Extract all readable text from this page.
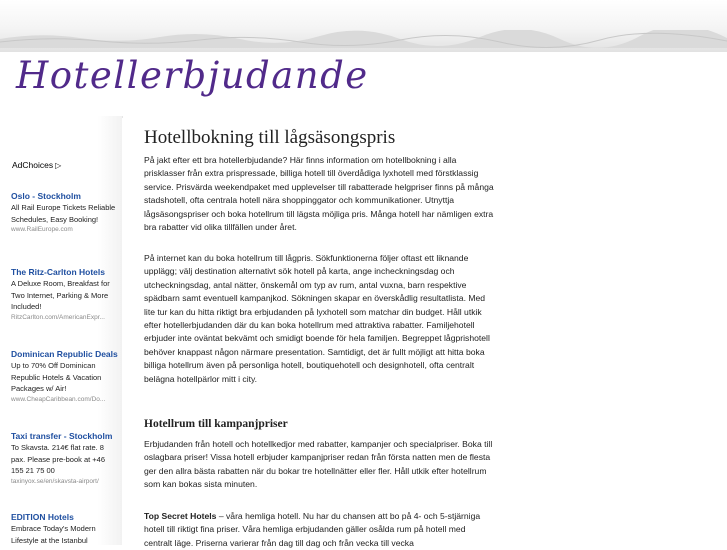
Hotellerbjudande
AdChoices ▷
Oslo - Stockholm
All Rail Europe Tickets Reliable Schedules, Easy Booking!
www.RailEurope.com
The Ritz-Carlton Hotels
A Deluxe Room, Breakfast for Two Internet, Parking & More Included!
RitzCarlton.com/AmericanExpr...
Dominican Republic Deals
Up to 70% Off Dominican Republic Hotels & Vacation Packages w/ Air!
www.CheapCaribbean.com/Do...
Taxi transfer - Stockholm
To Skavsta. 214€ flat rate. 8 pax. Please pre-book at +46 155 21 75 00
taxinyox.se/en/skavsta-airport/
EDITION Hotels
Embrace Today's Modern Lifestyle at the Istanbul
Hotellbokning till lågsäsongspris

På jakt efter ett bra hotellerbjudande? Här finns information om hotellbokning i alla prisklasser från extra prispressade, billiga hotell till överdådiga lyxhotell med förstklassig service. Prisvärda weekendpaket med upplevelser till rabatterade helgpriser finns på många stadshotell, ofta centrala hotell nära shoppinggator och kommunikationer. Utnyttja lågsäsongspriser och boka hotellrum till lägsta möjliga pris. Många hotell har nämligen extra bra rabatter vid olika tillfällen under året.

På internet kan du boka hotellrum till lågpris. Sökfunktionerna följer oftast ett liknande upplägg; välj destination alternativt sök hotell på karta, ange incheckningsdag och utcheckningsdag, antal nätter, önskemål om typ av rum, antal vuxna, barn respektive spädbarn samt eventuell kampanjkod. Sökningen skapar en överskådlig resultatlista. Med lite tur kan du hitta riktigt bra erbjudanden på lyxhotell som matchar din budget. Håll utkik efter hotellerbjudanden där du kan boka hotellrum med attraktiva rabatter. Familjehotell erbjuder inte oväntat bekvämt och smidigt boende för hela familjen. Begreppet lågprishotell behöver knappast någon närmare presentation. Samtidigt, det är fullt möjligt att hitta boka billiga hotellrum även på personliga hotell, boutiquehotell och designhotell, ofta centralt belägna hotellpärlor mitt i city.

Hotellrum till kampanjpriser

Erbjudanden från hotell och hotellkedjor med rabatter, kampanjer och specialpriser. Boka till oslagbara priser! Vissa hotell erbjuder kampanjpriser redan från första natten men de flesta ger den allra bästa rabatten när du bokar tre hotellnätter eller fler. Håll utkik efter hotellrum som kan bokas sista minuten.

Top Secret Hotels – våra hemliga hotell. Nu har du chansen att bo på 4- och 5-stjärniga hotell till riktigt fina priser. Våra hemliga erbjudanden gäller osålda rum på hotell med centralt läge. Priserna varierar från dag till dag och från vecka till vecka
